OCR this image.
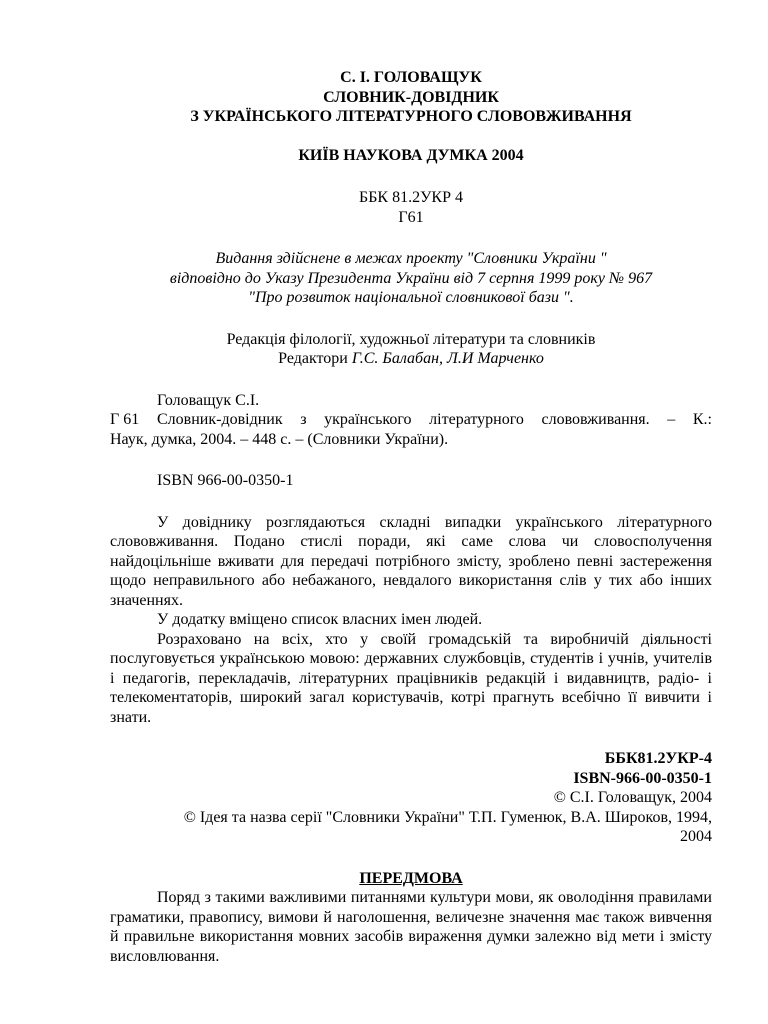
С. І. ГОЛОВАЩУК

СЛОВНИК-ДОВІДНИК

З УКРАЇНСЬКОГО ЛІТЕРАТУРНОГО СЛОВОВЖИВАННЯ

КИЇВ НАУКОВА ДУМКА 2004

ББК 81.2УКР 4

Г61

Видання здійснене в межах проекту "Словники України "

відповідно до Указу Президента України від 7 серпня 1999 року № 967

"Про розвиток національної словникової бази ".

Редакція філології, художньої літератури та словників

Редактори Г.С. Балабан, Л.И Марченко

Головащук С.І.

Г 61	Словник-довідник з українського літературного слововживання. – К.:

Наук, думка, 2004. – 448 с. – (Словники України).

ISBN 966-00-0350-1

У довіднику розглядаються складні випадки українського літературного слововживання. Подано стислі поради, які саме слова чи словосполучення найдоцільніше вживати для передачі потрібного змісту, зроблено певні застереження щодо неправильного або небажаного, невдалого використання слів у тих або інших значеннях.

У додатку вміщено список власних імен людей.

Розраховано на всіх, хто у своїй громадській та виробничій діяльності послуговується українською мовою: державних службовців, студентів і учнів, учителів і педагогів, перекладачів, літературних працівників редакцій і видавництв, радіо- і телекоментаторів, широкий загал користувачів, котрі прагнуть всебічно її вивчити і знати.

ББК81.2УКР-4

ISBN-966-00-0350-1

© С.І. Головащук, 2004

© Ідея та назва серії "Словники України" Т.П. Гуменюк, В.А. Широков, 1994,

2004

ПЕРЕДМОВА

Поряд з такими важливими питаннями культури мови, як оволодіння правилами граматики, правопису, вимови й наголошення, величезне значення має також вивчення й правильне використання мовних засобів вираження думки залежно від мети і змісту висловлювання.
